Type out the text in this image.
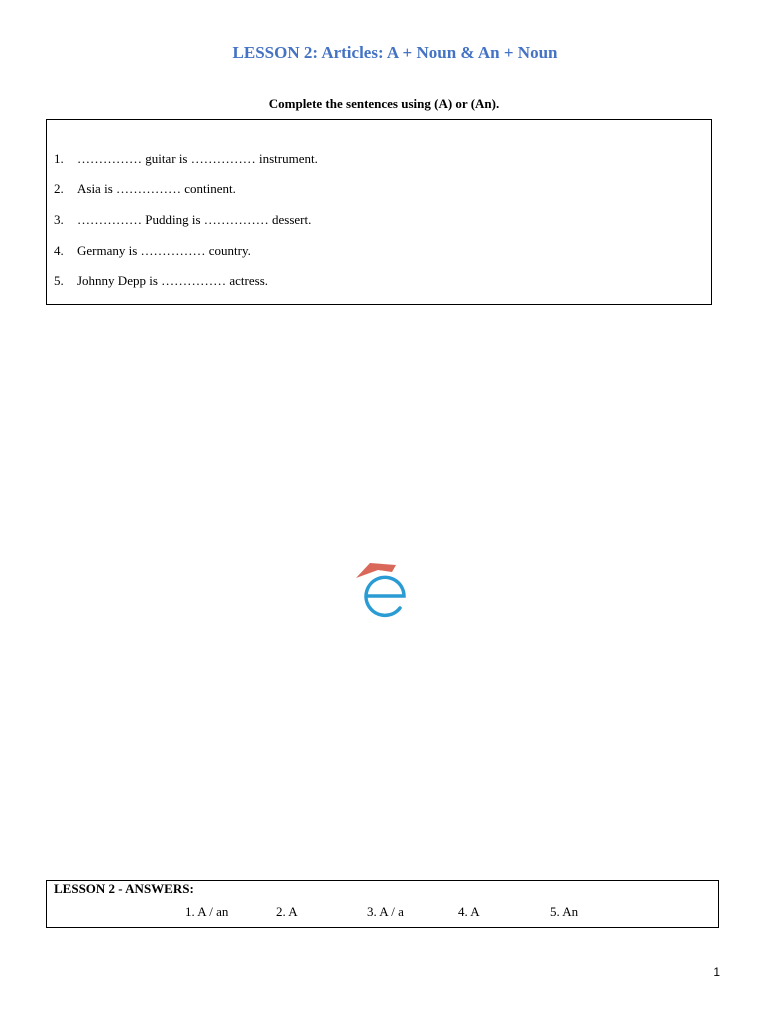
LESSON 2: Articles: A + Noun & An + Noun
Complete the sentences using (A) or (An).
1. …………… guitar is …………… instrument.
2. Asia is …………… continent.
3. …………… Pudding is …………… dessert.
4. Germany is …………… country.
5. Johnny Depp is …………… actress.
LESSON 2 - ANSWERS:
1. A / an	2. A	3. A / a	4. A	5. An
1
